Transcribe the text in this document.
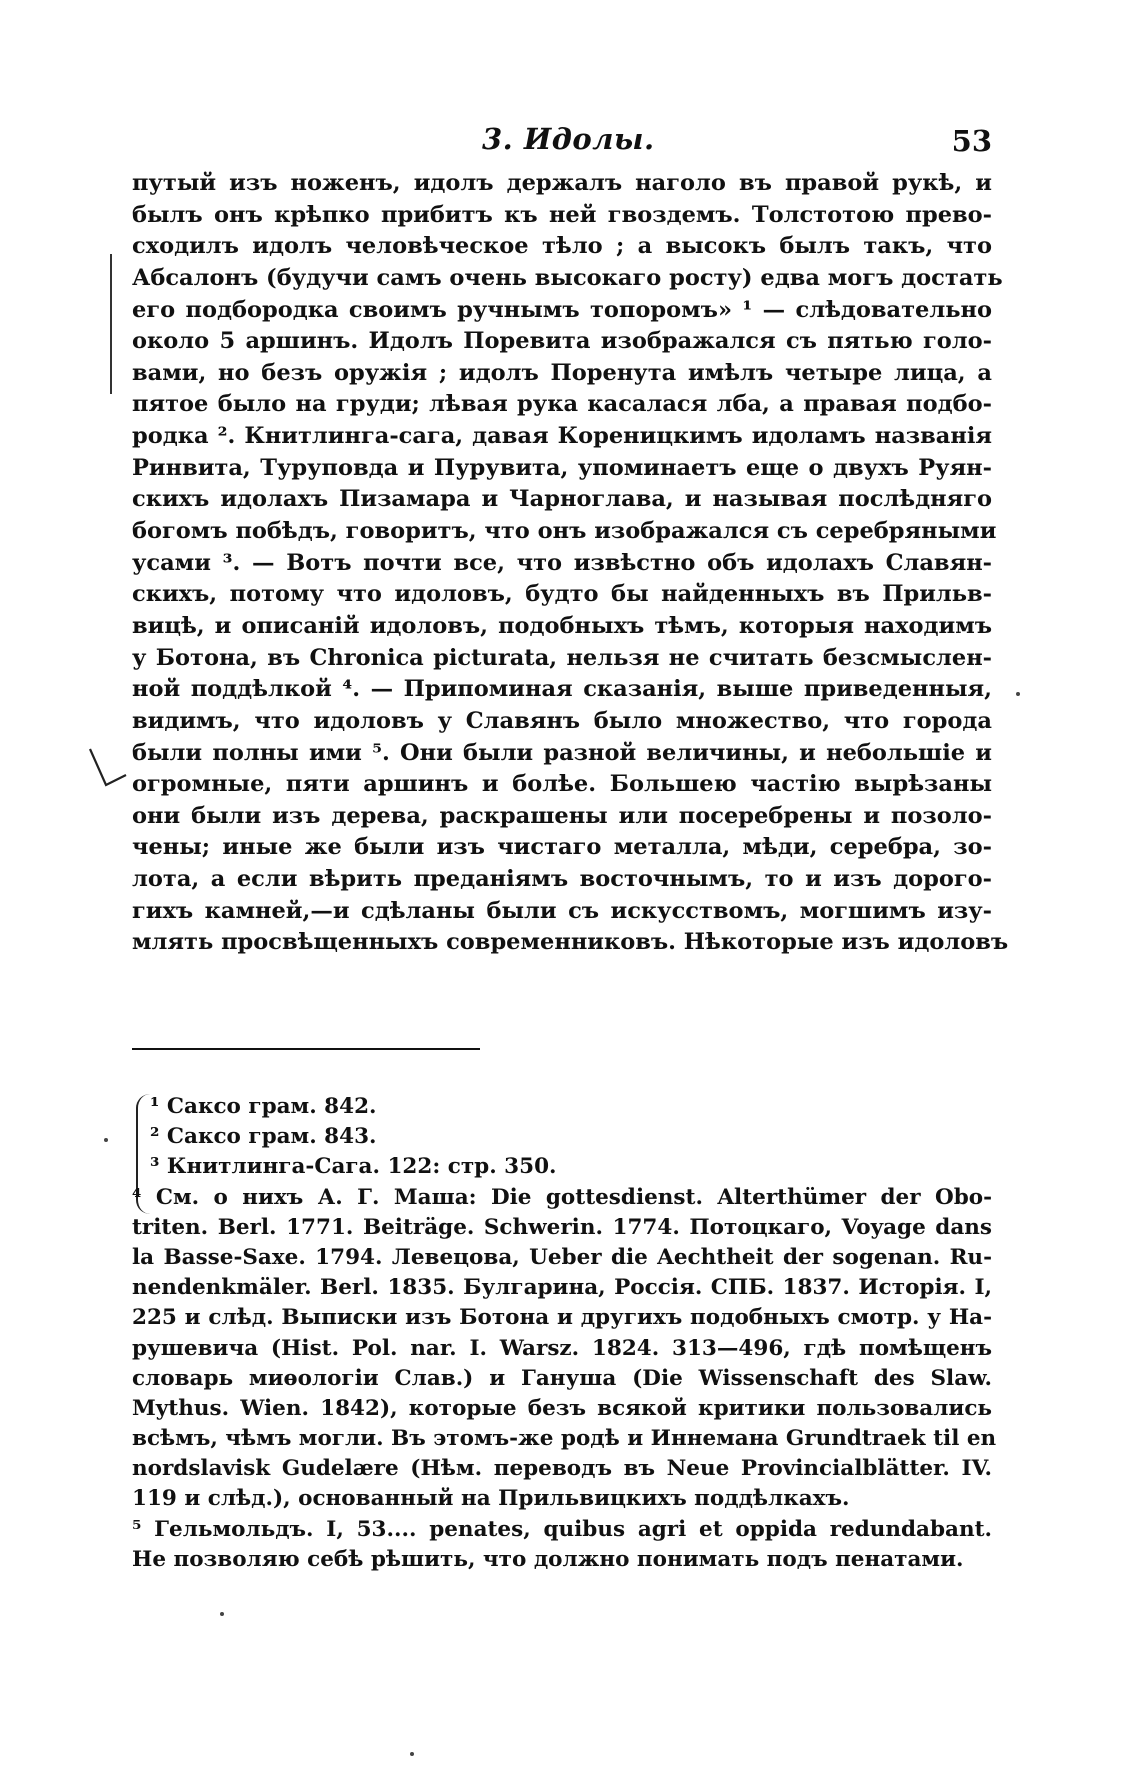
3. Идолы.	53
путый изъ ноженъ, идолъ держалъ наголо въ правой рукѣ, и
былъ онъ крѣпко прибитъ къ ней гвоздемъ. Толстотою прево-
сходилъ идолъ человѣческое тѣло ; а высокъ былъ такъ, что
Абсалонъ (будучи самъ очень высокаго росту) едва могъ достать
его подбородка своимъ ручнымъ топоромъ» ¹ — слѣдовательно
около 5 аршинъ. Идолъ Поревита изображался съ пятью голо-
вами, но безъ оружія ; идолъ Поренута имѣлъ четыре лица, а
пятое было на груди; лѣвая рука касалася лба, а правая подбо-
родка ². Книтлинга-сага, давая Кореницкимъ идоламъ названія
Ринвита, Туруповда и Пурувита, упоминаетъ еще о двухъ Руян-
скихъ идолахъ Пизамара и Чарноглава, и называя послѣдняго
богомъ побѣдъ, говоритъ, что онъ изображался съ серебряными
усами ³. — Вотъ почти все, что извѣстно объ идолахъ Славян-
скихъ, потому что идоловъ, будто бы найденныхъ въ Прильв-
вицѣ, и описаній идоловъ, подобныхъ тѣмъ, которыя находимъ
у Ботона, въ Chronica picturata, нельзя не считать безсмыслен-
ной поддѣлкой ⁴. — Припоминая сказанія, выше приведенныя,
видимъ, что идоловъ у Славянъ было множество, что города
были полны ими ⁵. Они были разной величины, и небольшіе и
огромные, пяти аршинъ и болѣе. Большею частію вырѣзаны
они были изъ дерева, раскрашены или посеребрены и позоло-
чены; иные же были изъ чистаго металла, мѣди, серебра, зо-
лота, а если вѣрить преданіямъ восточнымъ, то и изъ дорого-
гихъ камней,—и сдѣланы были съ искусствомъ, могшимъ изу-
млять просвѣщенныхъ современниковъ. Нѣкоторые изъ идоловъ
¹ Саксо грам. 842.
² Саксо грам. 843.
³ Книтлинга-Сага. 122: стр. 350.
⁴ См. о нихъ А. Г. Маша: Die gottesdienst. Alterthümer der Obo-
triten. Berl. 1771. Beiträge. Schwerin. 1774. Потоцкаго, Voyage dans
la Basse-Saxe. 1794. Левецова, Ueber die Aechtheit der sogenan. Ru-
nendenkmäler. Berl. 1835. Булгарина, Россія. СПБ. 1837. Исторія. I,
225 и слѣд. Выписки изъ Ботона и другихъ подобныхъ смотр. у На-
рушевича (Hist. Pol. nar. I. Warsz. 1824. 313—496, гдѣ помѣщенъ
словарь миѳологіи Слав.) и Гануша (Die Wissenschaft des Slaw.
Mythus. Wien. 1842), которые безъ всякой критики пользовались
всѣмъ, чѣмъ могли. Въ этомъ-же родѣ и Иннемана Grundtraek til en
nordslavisk Gudelære (Нѣм. переводъ въ Neue Provincialblätter. IV.
119 и слѣд.), основанный на Прильвицкихъ поддѣлкахъ.
⁵ Гельмольдъ. I, 53.... penates, quibus agri et oppida redundabant.
Не позволяю себѣ рѣшить, что должно понимать подъ пенатами.
